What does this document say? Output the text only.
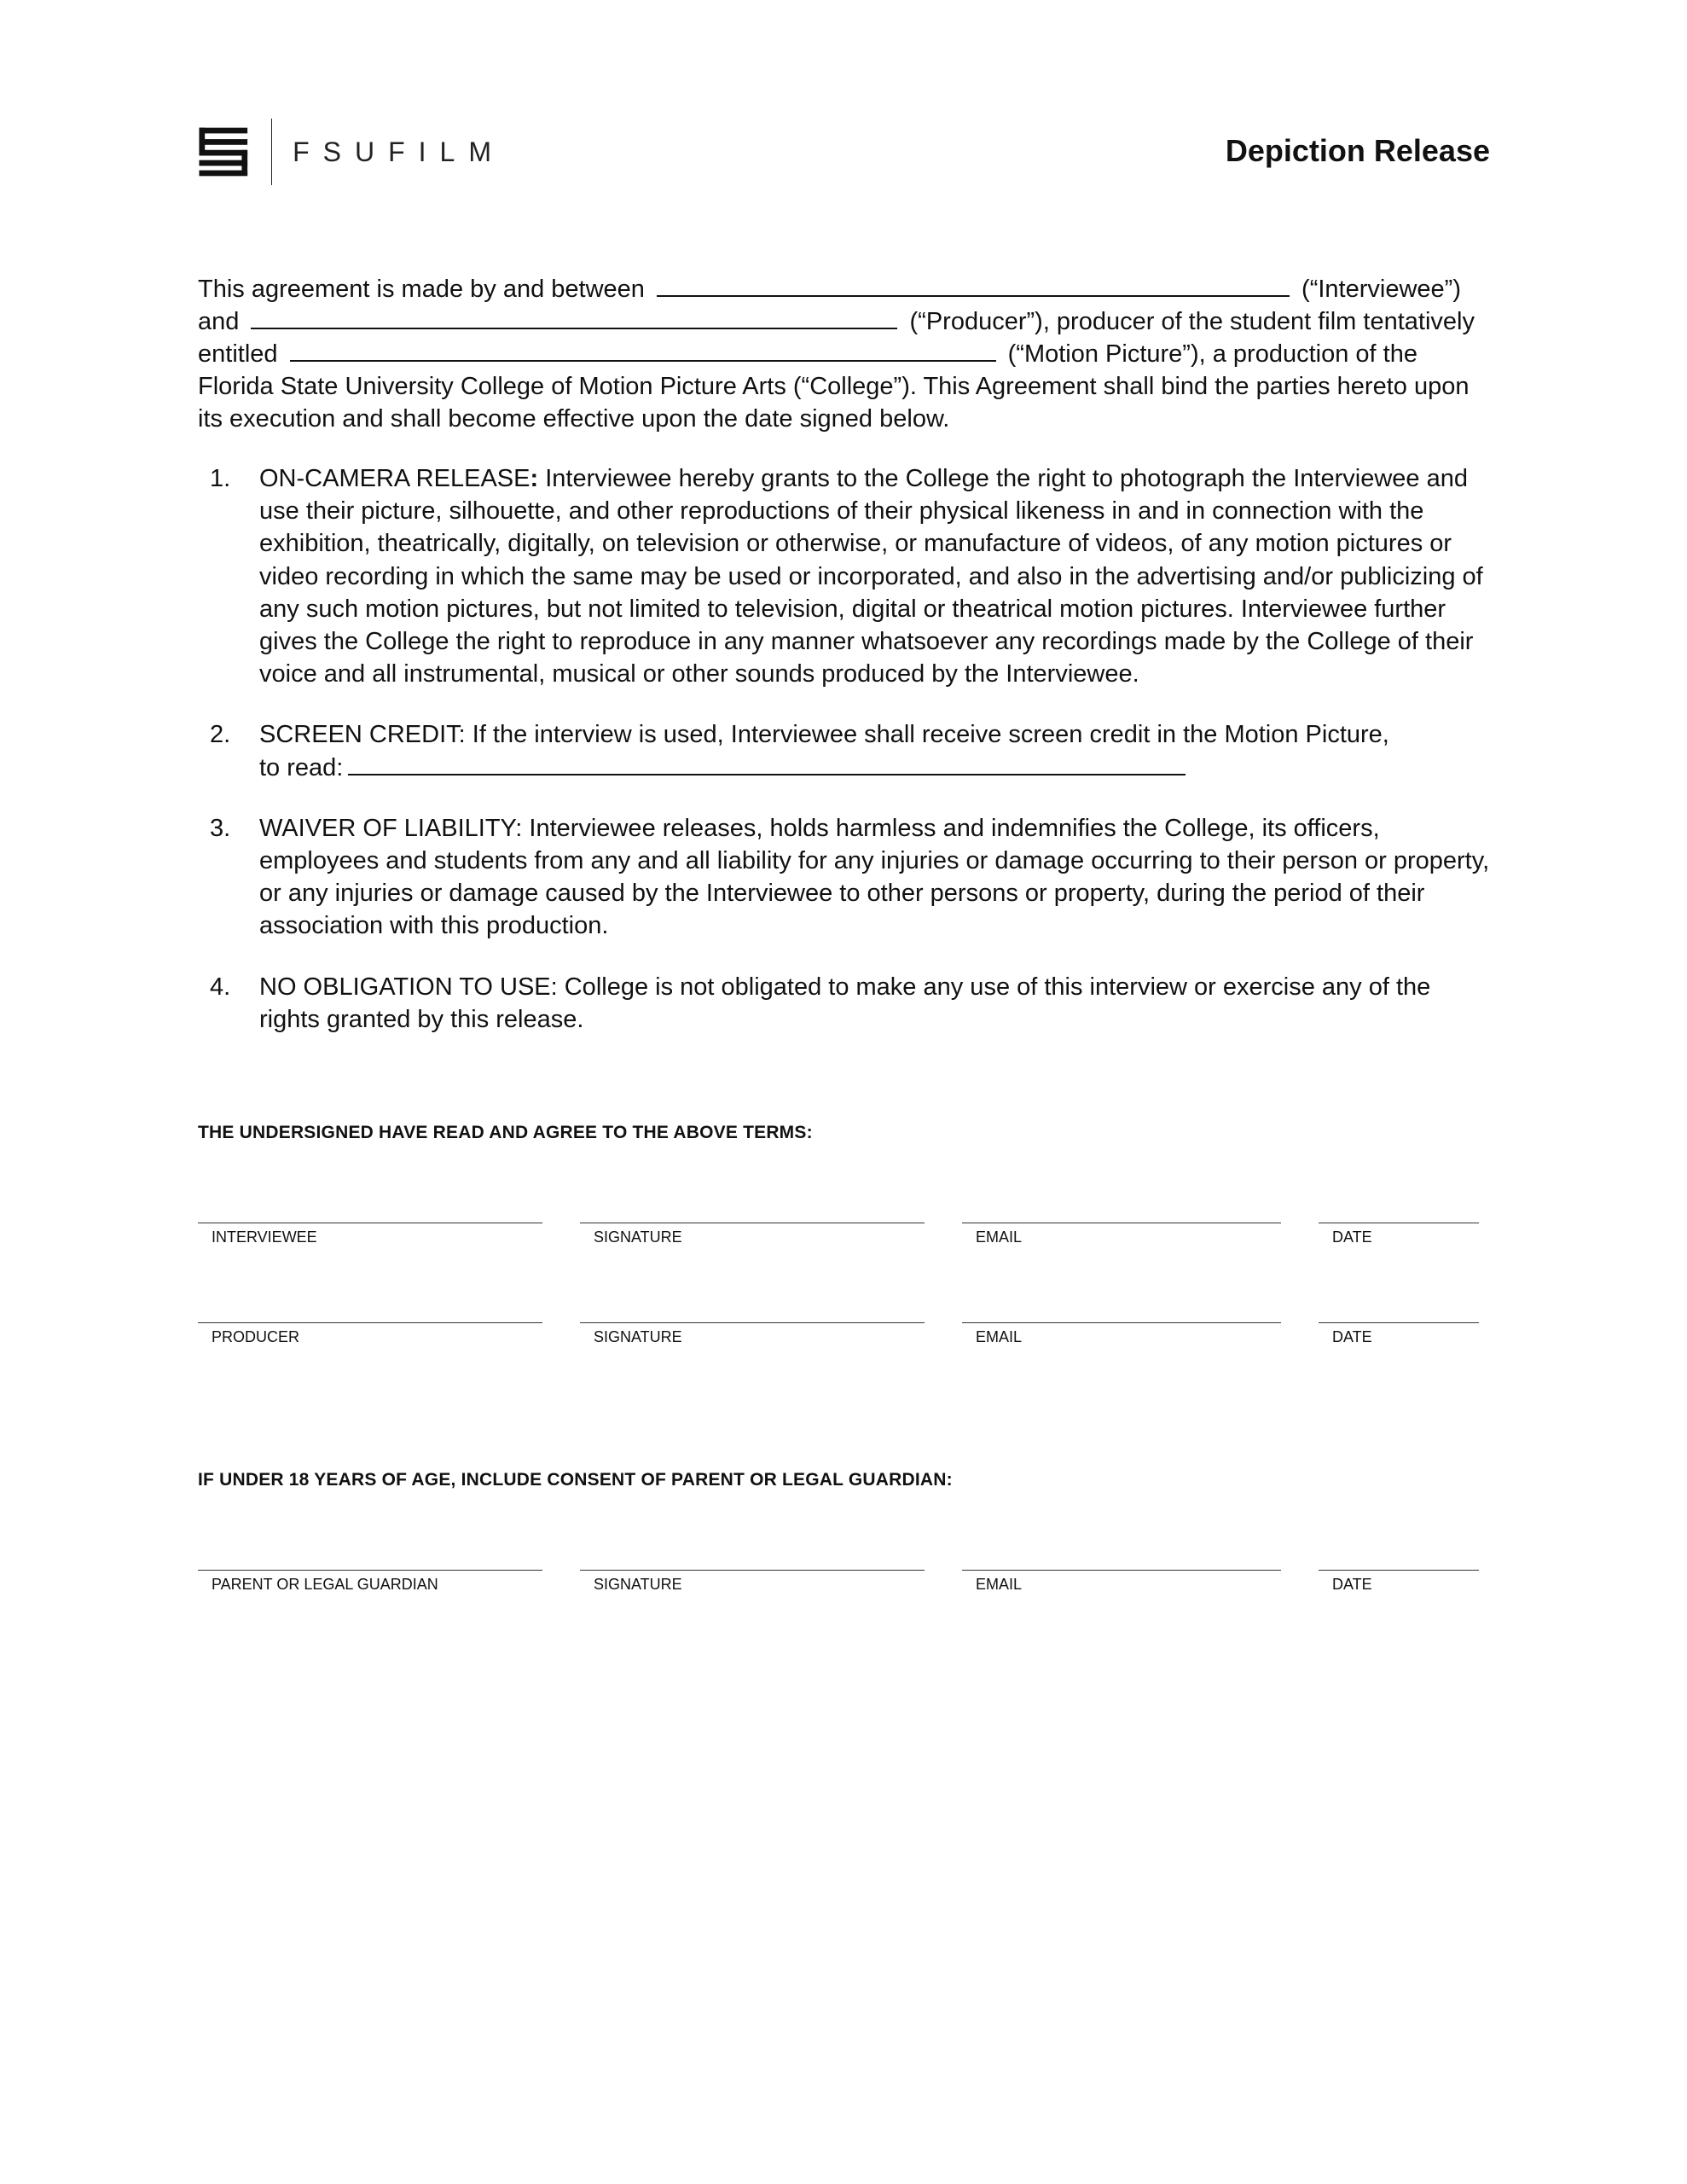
FSUFILM	Depiction Release

This agreement is made by and between	(“Interviewee”)

and	(“Producer”), producer of the student film tentatively

entitled	(“Motion Picture”), a production of the

Florida State University College of Motion Picture Arts (“College”). This Agreement shall bind the parties hereto upon

its execution and shall become effective upon the date signed below.

1. ON-CAMERA RELEASE: Interviewee hereby grants to the College the right to photograph the Interviewee and use their picture, silhouette, and other reproductions of their physical likeness in and in connection with the exhibition, theatrically, digitally, on television or otherwise, or manufacture of videos, of any motion pictures or video recording in which the same may be used or incorporated, and also in the advertising and/or publicizing of any such motion pictures, but not limited to television, digital or theatrical motion pictures. Interviewee further gives the College the right to reproduce in any manner whatsoever any recordings made by the College of their voice and all instrumental, musical or other sounds produced by the Interviewee.

2. SCREEN CREDIT: If the interview is used, Interviewee shall receive screen credit in the Motion Picture,

to read:

3. WAIVER OF LIABILITY: Interviewee releases, holds harmless and indemnifies the College, its officers, employees and students from any and all liability for any injuries or damage occurring to their person or property, or any injuries or damage caused by the Interviewee to other persons or property, during the period of their association with this production.

4. NO OBLIGATION TO USE: College is not obligated to make any use of this interview or exercise any of the rights granted by this release.

THE UNDERSIGNED HAVE READ AND AGREE TO THE ABOVE TERMS:
INTERVIEWEE	SIGNATURE	EMAIL	DATE
PRODUCER	SIGNATURE	EMAIL	DATE
IF UNDER 18 YEARS OF AGE, INCLUDE CONSENT OF PARENT OR LEGAL GUARDIAN:
PARENT OR LEGAL GUARDIAN	SIGNATURE	EMAIL	DATE
